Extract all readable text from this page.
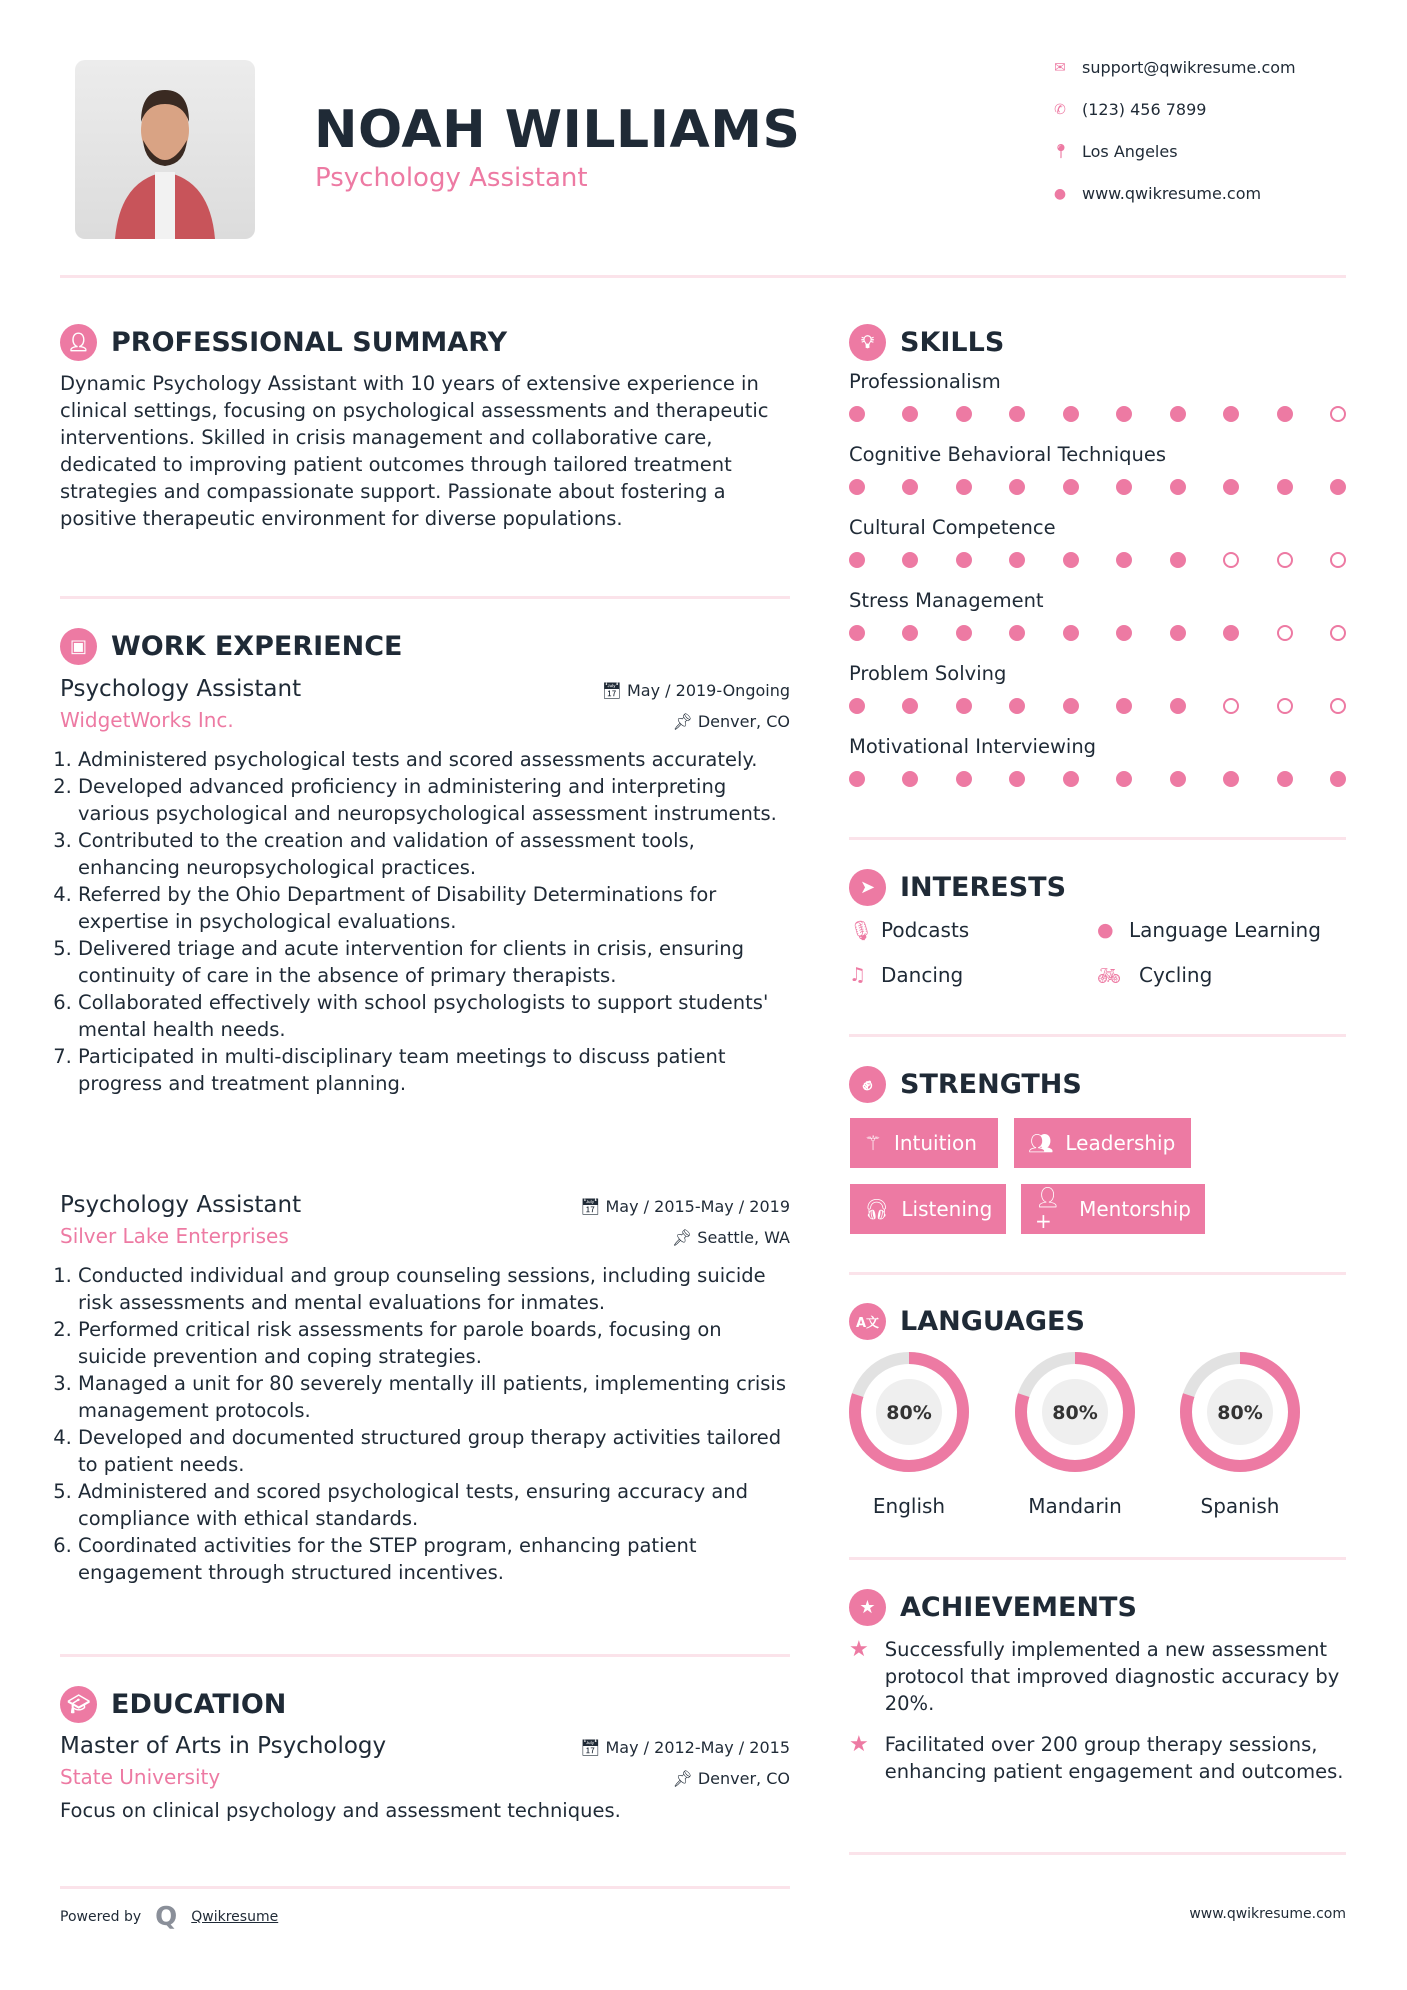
NOAH WILLIAMS
Psychology Assistant
✉ support@qwikresume.com
✆ (123) 456 7899
📍︎ Los Angeles
● www.qwikresume.com
👤︎ PROFESSIONAL SUMMARY
Dynamic Psychology Assistant with 10 years of extensive experience in clinical settings, focusing on psychological assessments and therapeutic interventions. Skilled in crisis management and collaborative care, dedicated to improving patient outcomes through tailored treatment strategies and compassionate support. Passionate about fostering a positive therapeutic environment for diverse populations.
▣ WORK EXPERIENCE
Psychology Assistant	📅︎ May / 2019-Ongoing
WidgetWorks Inc.	📌︎ Denver, CO
1. Administered psychological tests and scored assessments accurately.
2. Developed advanced proficiency in administering and interpreting various psychological and neuropsychological assessment instruments.
3. Contributed to the creation and validation of assessment tools, enhancing neuropsychological practices.
4. Referred by the Ohio Department of Disability Determinations for expertise in psychological evaluations.
5. Delivered triage and acute intervention for clients in crisis, ensuring continuity of care in the absence of primary therapists.
6. Collaborated effectively with school psychologists to support students' mental health needs.
7. Participated in multi-disciplinary team meetings to discuss patient progress and treatment planning.
Psychology Assistant	📅︎ May / 2015-May / 2019
Silver Lake Enterprises	📌︎ Seattle, WA
1. Conducted individual and group counseling sessions, including suicide risk assessments and mental evaluations for inmates.
2. Performed critical risk assessments for parole boards, focusing on suicide prevention and coping strategies.
3. Managed a unit for 80 severely mentally ill patients, implementing crisis management protocols.
4. Developed and documented structured group therapy activities tailored to patient needs.
5. Administered and scored psychological tests, ensuring accuracy and compliance with ethical standards.
6. Coordinated activities for the STEP program, enhancing patient engagement through structured incentives.
🎓︎ EDUCATION
Master of Arts in Psychology	📅︎ May / 2012-May / 2015
State University	📌︎ Denver, CO
Focus on clinical psychology and assessment techniques.
Powered by Q Qwikresume	www.qwikresume.com
💡︎ SKILLS
Professionalism
Cognitive Behavioral Techniques
Cultural Competence
Stress Management
Problem Solving
Motivational Interviewing
➤ INTERESTS
🎙︎ Podcasts	● Language Learning
♫ Dancing	🚲︎ Cycling
✊︎	STRENGTHS
⚚ Intuition	👥︎ Leadership
🎧︎ Listening 👤︎+	Mentorship
A文 LANGUAGES
80%
English
80%
Mandarin
80%
Spanish
★ ACHIEVEMENTS
★ Successfully implemented a new assessment protocol that improved diagnostic accuracy by 20%.
★ Facilitated over 200 group therapy sessions, enhancing patient engagement and outcomes.
